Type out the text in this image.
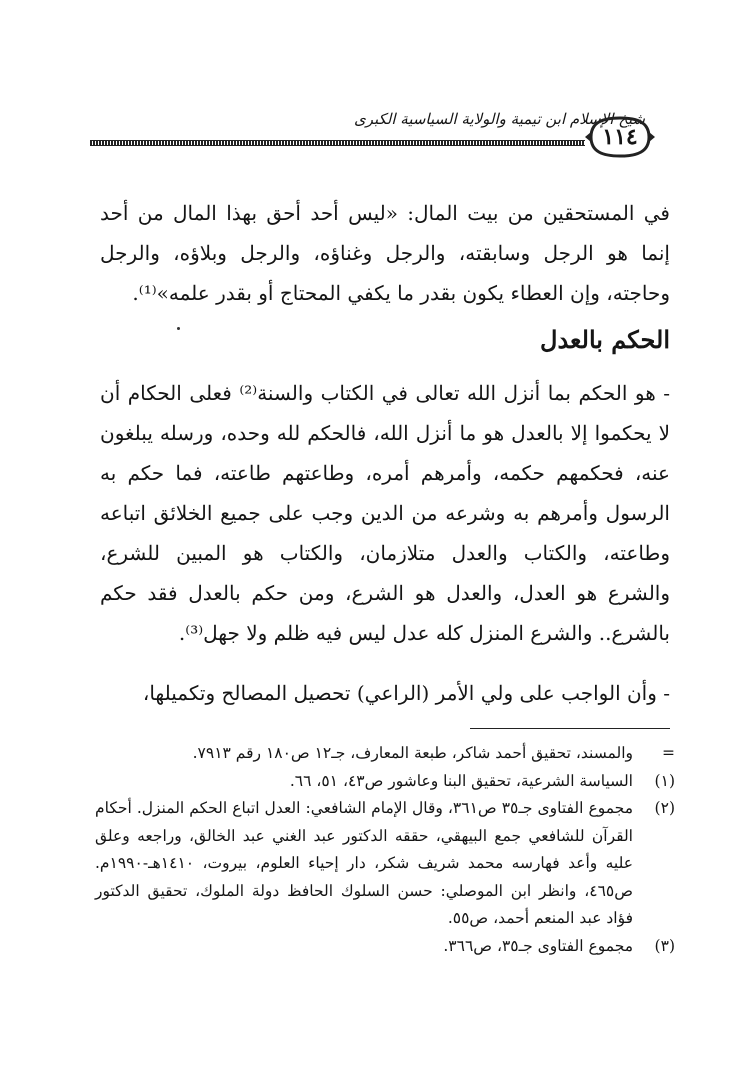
شيخ الإسلام ابن تيمية والولاية السياسية الكبرى
١١٤
في المستحقين من بيت المال: «ليس أحد أحق بهذا المال من أحد إنما هو الرجل وسابقته، والرجل وغناؤه، والرجل وبلاؤه، والرجل وحاجته، وإن العطاء يكون بقدر ما يكفي المحتاج أو بقدر علمه»⁽¹⁾.
الحكم بالعدل
- هو الحكم بما أنزل الله تعالى في الكتاب والسنة⁽²⁾ فعلى الحكام أن لا يحكموا إلا بالعدل هو ما أنزل الله، فالحكم لله وحده، ورسله يبلغون عنه، فحكمهم حكمه، وأمرهم أمره، وطاعتهم طاعته، فما حكم به الرسول وأمرهم به وشرعه من الدين وجب على جميع الخلائق اتباعه وطاعته، والكتاب والعدل متلازمان، والكتاب هو المبين للشرع، والشرع هو العدل، والعدل هو الشرع، ومن حكم بالعدل فقد حكم بالشرع.. والشرع المنزل كله عدل ليس فيه ظلم ولا جهل⁽³⁾.
- وأن الواجب على ولي الأمر (الراعي) تحصيل المصالح وتكميلها،
=
والمسند، تحقيق أحمد شاكر، طبعة المعارف، جـ١٢ ص١٨٠ رقم ٧٩١٣.
(١)
السياسة الشرعية، تحقيق البنا وعاشور ص٤٣، ٥١، ٦٦.
(٢)
مجموع الفتاوى جـ٣٥ ص٣٦١، وقال الإمام الشافعي: العدل اتباع الحكم المنزل. أحكام القرآن للشافعي جمع البيهقي، حققه الدكتور عبد الغني عبد الخالق، وراجعه وعلق عليه وأعد فهارسه محمد شريف شكر، دار إحياء العلوم، بيروت، ١٤١٠هـ-١٩٩٠م. ص٤٦٥، وانظر ابن الموصلي: حسن السلوك الحافظ دولة الملوك، تحقيق الدكتور فؤاد عبد المنعم أحمد، ص٥٥.
(٣)
مجموع الفتاوى جـ٣٥، ص٣٦٦.
